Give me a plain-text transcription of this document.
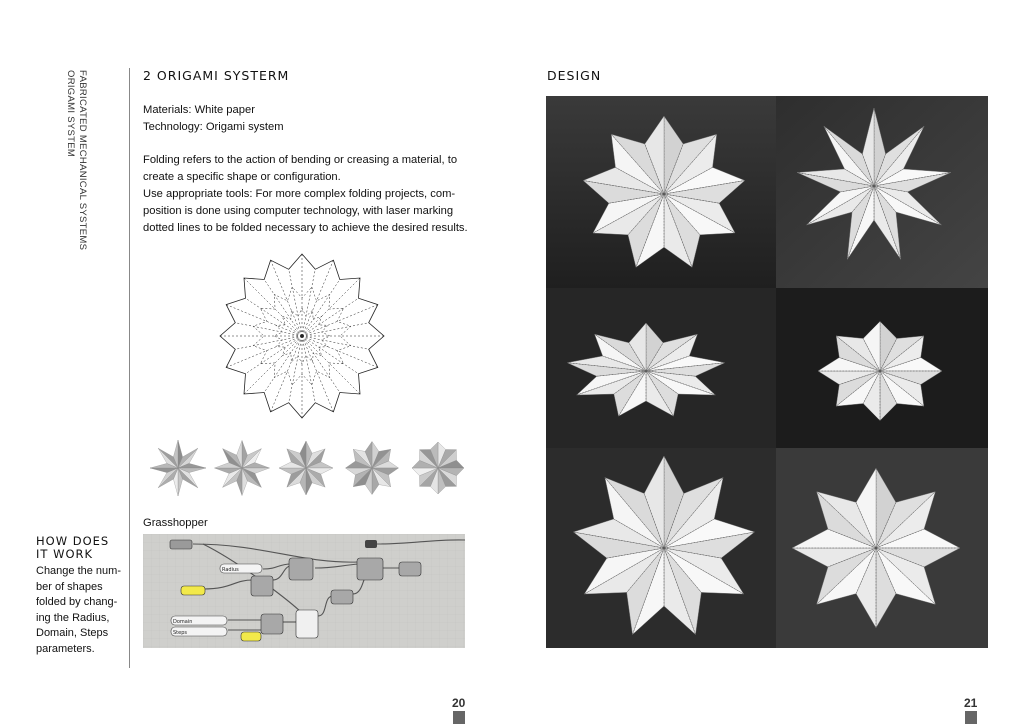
FABRICATED MECHANICAL SYSTEMS
ORIGAMI SYSTEM	2 ORIGAMI SYSTERM
Materials: White paper
Technology: Origami system
Folding refers to the action of bending or creasing a material, to
create a specific shape or configuration.
Use appropriate tools: For more complex folding projects, com-
position is done using computer technology, with laser marking
dotted lines to be folded necessary to achieve the desired results.
Grasshopper
Radius
Domain
Steps
HOW DOES
IT WORK
Change the num-
ber of shapes
folded by chang-
ing the Radius,
Domain, Steps
parameters.
20
DESIGN
21
